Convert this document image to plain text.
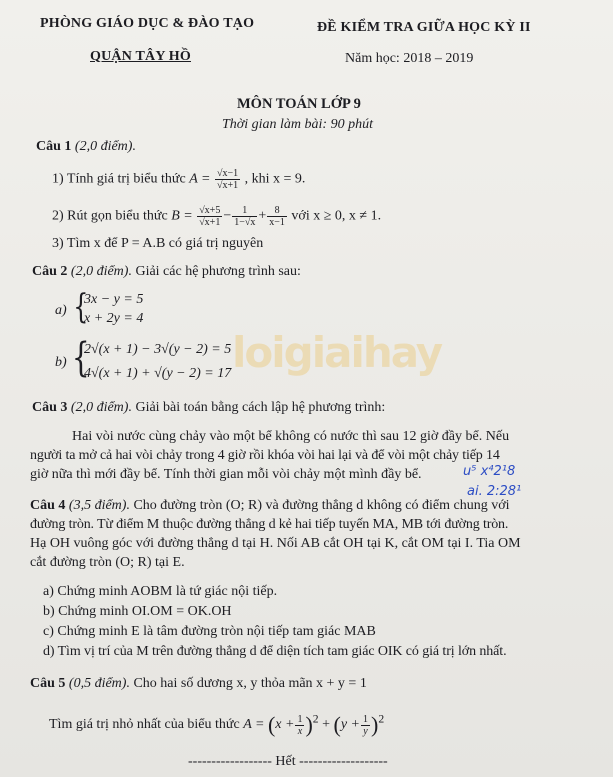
PHÒNG GIÁO DỤC & ĐÀO TẠO
QUẬN TÂY HỒ
ĐỀ KIỂM TRA GIỮA HỌC KỲ II
Năm học: 2018 – 2019
MÔN TOÁN LỚP 9
Thời gian làm bài: 90 phút
Câu 1 (2,0 điểm).
1) Tính giá trị biểu thức $A = \frac{√x-1}{√x+1}$ , khi x = 9.
2) Rút gọn biểu thức $B = \frac{√x+5}{√x+1} - \frac{1}{1-√x} + \frac{8}{x-1}$ với x ≥ 0, x ≠ 1.
3) Tìm x để P = A.B có giá trị nguyên
Câu 2 (2,0 điểm). Giải các hệ phương trình sau:
a) {
3x − y = 5
x + 2y = 4
b) {
2√(x + 1) − 3√(y − 2) = 5
4√(x + 1) + √(y − 2) = 17 loigiaihay
Câu 3 (2,0 điểm). Giải bài toán bằng cách lập hệ phương trình:
Hai vòi nước cùng chảy vào một bể không có nước thì sau 12 giờ đầy bể. Nếu
người ta mở cả hai vòi chảy trong 4 giờ rồi khóa vòi hai lại và để vòi một chảy tiếp 14
giờ nữa thì mới đầy bể. Tính thời gian mỗi vòi chảy một mình đầy bể.	u⁵ x⁴2¹8
ai. 2:28¹
Câu 4 (3,5 điểm). Cho đường tròn (O; R) và đường thẳng d không có điểm chung với
đường tròn. Từ điểm M thuộc đường thẳng d kẻ hai tiếp tuyến MA, MB tới đường tròn.
Hạ OH vuông góc với đường thẳng d tại H. Nối AB cắt OH tại K, cắt OM tại I. Tia OM
cắt đường tròn (O; R) tại E.
a) Chứng minh AOBM là tứ giác nội tiếp.
b) Chứng minh OI.OM = OK.OH
c) Chứng minh E là tâm đường tròn nội tiếp tam giác MAB
d) Tìm vị trí của M trên đường thẳng d để diện tích tam giác OIK có giá trị lớn nhất.
Câu 5 (0,5 điểm). Cho hai số dương x, y thỏa mãn x + y = 1
Tìm giá trị nhỏ nhất của biểu thức $A = (x + \frac{1}{x} )^2 + (y + \frac{1}{y} )^2$
------------------ Hết -------------------
